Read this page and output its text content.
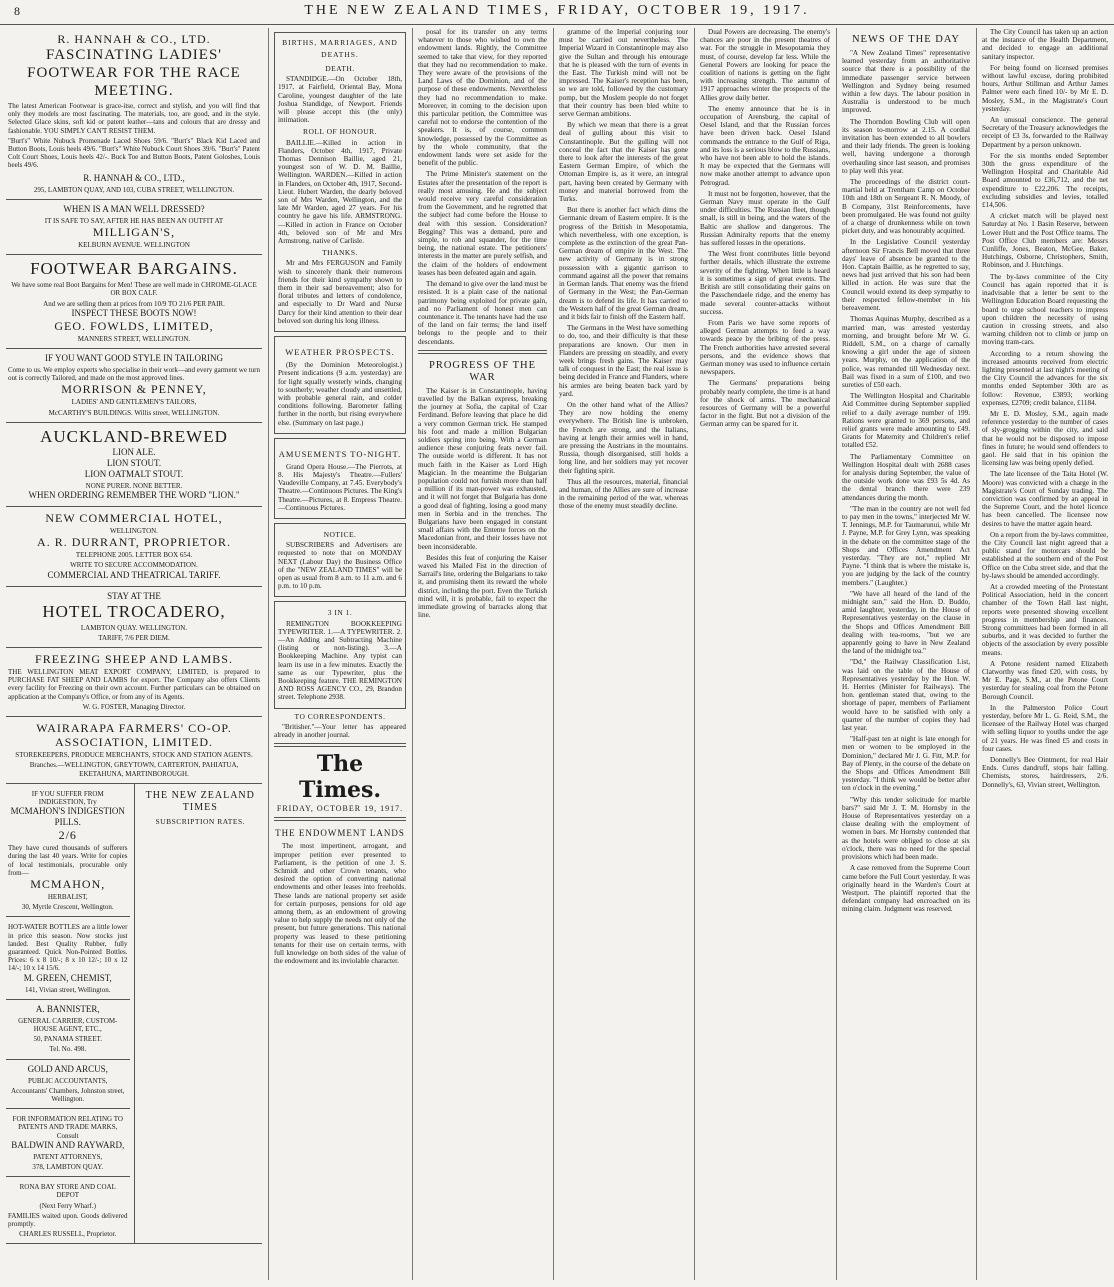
8	THE NEW ZEALAND TIMES, FRIDAY, OCTOBER 19, 1917.
R. HANNAH & CO., LTD.
FASCINATING LADIES' FOOTWEAR FOR THE RACE MEETING.
The latest American Footwear is grace-itse, correct and stylish, and you will find that only they models are most fascinating. The materials, too, are good, and in the style. Selected Glace skins, soft kid or patent leather—tans and colours that are dressy and fashionable. YOU SIMPLY CAN'T RESIST THEM.
"Burt's" White Nubuck Promenade Laced Shoes 59/6. "Burt's" Black Kid Laced and Button Boots, Louis heels 49/6. "Burt's" White Nubuck Court Shoes 39/6. "Burt's" Patent Colt Court Shoes, Louis heels 42/-. Buck Toe and Button Boots, Patent Goloshes, Louis heels 49/6.
R. HANNAH & CO., LTD.,
295, LAMBTON QUAY, AND 103, CUBA STREET, WELLINGTON.
WHEN IS A MAN WELL DRESSED?
IT IS SAFE TO SAY, AFTER HE HAS BEEN AN OUTFIT AT
MILLIGAN'S,
KELBURN AVENUE. WELLINGTON
FOOTWEAR BARGAINS.
We have some real Boot Bargains for Men! These are well made in CHROME-GLACE OR BOX CALF.
And we are selling them at prices from 10/9 TO 21/6 PER PAIR.
INSPECT THESE BOOTS NOW!
GEO. FOWLDS, LIMITED,
MANNERS STREET, WELLINGTON.
IF YOU WANT GOOD STYLE IN TAILORING
Come to us. We employ experts who specialise in their work—and every garment we turn out is correctly Tailored, and made on the most approved lines.
MORRISON & PENNEY,
LADIES' AND GENTLEMEN'S TAILORS,
McCARTHY'S BUILDINGS. Willis street, WELLINGTON.
AUCKLAND-BREWED
LION ALE.
LION STOUT.
LION OATMALT STOUT.
NONE PURER. NONE BETTER.
WHEN ORDERING REMEMBER THE WORD "LION."
NEW COMMERCIAL HOTEL,
WELLINGTON.
A. R. DURRANT, PROPRIETOR.
TELEPHONE 2005. LETTER BOX 654.
WRITE TO SECURE ACCOMMODATION.
COMMERCIAL AND THEATRICAL TARIFF.
STAY AT THE
HOTEL TROCADERO,
LAMBTON QUAY. WELLINGTON.
TARIFF, 7/6 PER DIEM.
FREEZING SHEEP AND LAMBS.
THE WELLINGTON MEAT EXPORT COMPANY, LIMITED, is prepared to PURCHASE FAT SHEEP AND LAMBS for export. The Company also offers Clients every facility for Freezing on their own account. Further particulars can be obtained on application at the Company's Office, or from any of its Agents.
W. G. FOSTER, Managing Director.
WAIRARAPA FARMERS' CO-OP. ASSOCIATION, LIMITED.
STOREKEEPERS, PRODUCE MERCHANTS, STOCK AND STATION AGENTS.
Branches.—WELLINGTON, GREYTOWN, CARTERTON, PAHIATUA, EKETAHUNA, MARTINBOROUGH.
IF YOU SUFFER FROM INDIGESTION, Try
MCMAHON'S INDIGESTION PILLS.
2/6
They have cured thousands of sufferers during the last 40 years. Write for copies of local testimonials, procurable only from—
MCMAHON,
HERBALIST,
30, Myrtle Crescent, Wellington.
HOT-WATER BOTTLES are a little lower in price this season. Now stocks just landed. Best Quality Rubber, fully guaranteed. Quick Non-Pointed Bottles. Prices: 6 x 8 10/-; 8 x 10 12/-; 10 x 12 14/-; 10 x 14 15/6.
M. GREEN, CHEMIST,
141, Vivian street, Wellington.
A. BANNISTER,
GENERAL CARRIER, CUSTOM-HOUSE AGENT, ETC.,
50, PANAMA STREET.
Tel. No. 498.
GOLD AND ARCUS,
PUBLIC ACCOUNTANTS,
Accountants' Chambers, Johnston street, Wellington.
FOR INFORMATION RELATING TO PATENTS AND TRADE MARKS, Consult
BALDWIN AND RAYWARD,
PATENT ATTORNEYS,
378, LAMBTON QUAY.
RONA BAY STORE AND COAL DEPOT
(Next Ferry Wharf.)
FAMILIES waited upon. Goods delivered promptly.
CHARLES RUSSELL, Proprietor.
THE NEW ZEALAND TIMES
SUBSCRIPTION RATES.
BIRTHS, MARRIAGES, AND DEATHS.
DEATH.

STANDIDGE.—On October 18th, 1917, at Fairfield, Oriental Bay, Mona Caroline, youngest daughter of the late Joshua Standidge, of Newport. Friends will please accept this (the only) intimation.

ROLL OF HONOUR.

BAILLIE.—Killed in action in Flanders, October 4th, 1917, Private Thomas Dennison Baillie, aged 21, youngest son of W. D. M. Baillie, Wellington. WARDEN.—Killed in action in Flanders, on October 4th, 1917, Second-Lieut. Hubert Warden, the dearly beloved son of Mrs Warden, Wellington, and the late Mr Warden, aged 27 years. For his country he gave his life. ARMSTRONG.—Killed in action in France on October 4th, beloved son of Mr and Mrs Armstrong, native of Carlisle.

THANKS.

Mr and Mrs FERGUSON and Family wish to sincerely thank their numerous friends for their kind sympathy shown to them in their sad bereavement; also for floral tributes and letters of condolence, and especially to Dr Ward and Nurse Darcy for their kind attention to their dear beloved son during his long illness.

WEATHER PROSPECTS.

(By the Dominion Meteorologist.) Present indications (9 a.m. yesterday) are for light squally westerly winds, changing to southerly; weather cloudy and unsettled, with probable general rain, and colder conditions following. Barometer falling further in the north, but rising everywhere else. (Summary on last page.)

AMUSEMENTS TO-NIGHT.

Grand Opera House.—The Pierrots, at 8. His Majesty's Theatre.—Fullers' Vaudeville Company, at 7.45. Everybody's Theatre.—Continuous Pictures. The King's Theatre.—Pictures, at 8. Empress Theatre.—Continuous Pictures.

NOTICE.

SUBSCRIBERS and Advertisers are requested to note that on MONDAY NEXT (Labour Day) the Business Office of the "NEW ZEALAND TIMES" will be open as usual from 8 a.m. to 11 a.m. and 6 p.m. to 10 p.m.

3 IN 1.

REMINGTON BOOKKEEPING TYPEWRITER. 1.—A TYPEWRITER. 2.—An Adding and Subtracting Machine (listing or non-listing). 3.—A Bookkeeping Machine. Any typist can learn its use in a few minutes. Exactly the same as our Typewriter, plus the Bookkeeping feature. THE REMINGTON AND ROSS AGENCY CO., 29, Brandon street. Telephone 2938.

TO CORRESPONDENTS.

"Britisher."—Your letter has appeared already in another journal.

The Times.
FRIDAY, OCTOBER 19, 1917.
THE ENDOWMENT LANDS

The most impertinent, arrogant, and improper petition ever presented to Parliament, is the petition of one J. S. Schmidt and other Crown tenants, who desired the option of converting national endowments and other leases into freeholds. These lands are national property set aside for certain purposes, pensions for old age among them, as an endowment of growing value to help supply the needs not only of the present, but future generations. This national property was leased to these petitioning tenants for their use on certain terms, with full knowledge on both sides of the value of the endowment and its inviolable character.

posal for its transfer on any terms whatever to those who wished to own the endowment lands. Rightly, the Committee seemed to take that view, for they reported that they had no recommendation to make. They were aware of the provisions of the Land Laws of the Dominion, and of the purpose of these endowments. Nevertheless they had no recommendation to make. Moreover, in coming to the decision upon this particular petition, the Committee was careful not to endorse the contention of the speakers. It is, of course, common knowledge, possessed by the Committee as by the whole community, that the endowment lands were set aside for the benefit of the public.

The Prime Minister's statement on the Estates after the presentation of the report is really most amusing. He and the subject would receive very careful consideration from the Government, and he regretted that the subject had come before the House to deal with this session. Consideration? Begging? This was a demand, pure and simple, to rob and squander, for the time being, the national estate. The petitioners' interests in the matter are purely selfish, and the claim of the holders of endowment leases has been defeated again and again.

The demand to give over the land must be resisted. It is a plain case of the national patrimony being exploited for private gain, and no Parliament of honest men can countenance it. The tenants have had the use of the land on fair terms; the land itself belongs to the people and to their descendants.

PROGRESS OF THE WAR

The Kaiser is in Constantinople, having travelled by the Balkan express, breaking the journey at Sofia, the capital of Czar Ferdinand. Before leaving that place he did a very common German trick. He stamped his foot and made a million Bulgarian soldiers spring into being. With a German audience these conjuring feats never fail. The outside world is different. It has not much faith in the Kaiser as Lord High Magician. In the meantime the Bulgarian population could not furnish more than half a million if its man-power was exhausted, and it will not forget that Bulgaria has done a good deal of fighting, losing a good many men in Serbia and in the trenches. The Bulgarians have been engaged in constant small affairs with the Entente forces on the Macedonian front, and their losses have not been inconsiderable.

Besides this feat of conjuring the Kaiser waved his Mailed Fist in the direction of Sarrail's line, ordering the Bulgarians to take it, and promising them its reward the whole district, including the port. Even the Turkish mind will, it is probable, fail to expect the immediate growing of barracks along that line.

gramme of the Imperial conjuring tour must be carried out nevertheless. The Imperial Wizard in Constantinople may also give the Sultan and through his entourage that he is pleased with the turn of events in the East. The Turkish mind will not be impressed. The Kaiser's reception has been, so we are told, followed by the customary pomp, but the Moslem people do not forget that their country has been bled white to serve German ambitions.

By which we mean that there is a great deal of gulling about this visit to Constantinople. But the gulling will not conceal the fact that the Kaiser has gone there to look after the interests of the great Eastern German Empire, of which the Ottoman Empire is, as it were, an integral part, having been created by Germany with money and material borrowed from the Turks.

But there is another fact which dims the Germanic dream of Eastern empire. It is the progress of the British in Mesopotamia, which nevertheless, with one exception, is complete as the extinction of the great Pan-German dream of empire in the West. The new activity of Germany is in strong possession with a gigantic garrison to command against all the power that remains in German lands. That enemy was the friend of Germany in the West; the Pan-German dream is to defend its life. It has carried to the Western half of the great German dream, and it bids fair to finish off the Eastern half.

The Germans in the West have something to do, too, and their difficulty is that these preparations are known. Our men in Flanders are pressing on steadily, and every week brings fresh gains. The Kaiser may talk of conquest in the East; the real issue is being decided in France and Flanders, where his armies are being beaten back yard by yard.

On the other hand what of the Allies? They are now holding the enemy everywhere. The British line is unbroken, the French are strong, and the Italians, having at length their armies well in hand, are pressing the Austrians in the mountains. Russia, though disorganised, still holds a long line, and her soldiers may yet recover their fighting spirit.

Thus all the resources, material, financial and human, of the Allies are sure of increase in the remaining period of the war, whereas those of the enemy must steadily decline.

Dual Powers are decreasing. The enemy's chances are poor in the present theatres of war. For the struggle in Mesopotamia they must, of course, develop far less. While the General Powers are looking for peace the coalition of nations is getting on the fight with increasing strength. The autumn of 1917 approaches winter the prospects of the Allies grow daily better.

The enemy announce that he is in occupation of Arensburg, the capital of Oesel Island, and that the Russian forces have been driven back. Oesel Island commands the entrance to the Gulf of Riga, and its loss is a serious blow to the Russians, who have not been able to hold the islands. It may be expected that the Germans will now make another attempt to advance upon Petrograd.

It must not be forgotten, however, that the German Navy must operate in the Gulf under difficulties. The Russian fleet, though small, is still in being, and the waters of the Baltic are shallow and dangerous. The Russian Admiralty reports that the enemy has suffered losses in the operations.

The West front contributes little beyond further details, which illustrate the extreme severity of the fighting. When little is heard it is sometimes a sign of great events. The British are still consolidating their gains on the Passchendaele ridge, and the enemy has made several counter-attacks without success.

From Paris we have some reports of alleged German attempts to feed a way towards peace by the bribing of the press. The French authorities have arrested several persons, and the evidence shows that German money was used to influence certain newspapers.

The Germans' preparations being probably nearly complete, the time is at hand for the shock of arms. The mechanical resources of Germany will be a powerful factor in the fight. But not a division of the German army can be spared for it.

NEWS OF THE DAY

"A New Zealand Times" representative learned yesterday from an authoritative source that there is a possibility of the immediate passenger service between Wellington and Sydney being resumed within a few days. The labour position in Australia is understood to be much improved.

The Thorndon Bowling Club will open its season to-morrow at 2.15. A cordial invitation has been extended to all bowlers and their lady friends. The green is looking well, having undergone a thorough overhauling since last season, and promises to play well this year.

The proceedings of the district court-martial held at Trentham Camp on October 10th and 18th on Sergeant R. N. Moody, of B Company, 31st Reinforcements, have been promulgated. He was found not guilty of a charge of drunkenness while on town picket duty, and was honourably acquitted.

In the Legislative Council yesterday afternoon Sir Francis Bell moved that three days' leave of absence be granted to the Hon. Captain Baillie, as he regretted to say, news had just arrived that his son had been killed in action. He was sure that the Council would extend its deep sympathy to their respected fellow-member in his bereavement.

Thomas Aquinas Murphy, described as a married man, was arrested yesterday morning, and brought before Mr W. G. Riddell, S.M., on a charge of carnally knowing a girl under the age of sixteen years. Murphy, on the application of the police, was remanded till Wednesday next. Bail was fixed in a sum of £100, and two sureties of £50 each.

The Wellington Hospital and Charitable Aid Committee during September supplied relief to a daily average number of 199. Rations were granted to 369 persons, and relief grants were made amounting to £49. Grants for Maternity and Children's relief totalled £52.

The Parliamentary Committee on Wellington Hospital dealt with 2688 cases for analysis during September, the value of the outside work done was £93 5s 4d. As the dental branch there were 239 attendances during the month.

"The man in the country are not well fed to pay men in the towns," interjected Mr W. T. Jennings, M.P. for Taumarunui, while Mr J. Payne, M.P. for Grey Lynn, was speaking in the debate on the committee stage of the Shops and Offices Amendment Act yesterday. "They are not," replied Mr Payne. "I think that is where the mistake is, you are judging by the lack of the country members." (Laughter.)

"We have all heard of the land of the midnight sun," said the Hon. D. Buddo, amid laughter, yesterday, in the House of Representatives yesterday on the clause in the Shops and Offices Amendment Bill dealing with tea-rooms, "but we are apparently going to have in New Zealand the land of the midnight tea."

"Dd," the Railway Classification List, was laid on the table of the House of Representatives yesterday by the Hon. W. H. Herries (Minister for Railways). The hon. gentleman stated that, owing to the shortage of paper, members of Parliament would have to be satisfied with only a quarter of the number of copies they had last year.

"Half-past ten at night is late enough for men or women to be employed in the Dominion," declared Mr J. G. Fitt, M.P. for Bay of Plenty, in the course of the debate on the Shops and Offices Amendment Bill yesterday. "I think we would be better after ten o'clock in the evening."

"Why this tender solicitude for marble bars?" said Mr J. T. M. Hornsby in the House of Representatives yesterday on a clause dealing with the employment of women in bars. Mr Hornsby contended that as the hotels were obliged to close at six o'clock, there was no need for the special provisions which had been made.

A case removed from the Supreme Court came before the Full Court yesterday. It was originally heard in the Warden's Court at Westport. The plaintiff reported that the defendant company had encroached on its mining claim. Judgment was reserved.

The City Council has taken up an action at the instance of the Health Department, and decided to engage an additional sanitary inspector.

For being found on licensed premises without lawful excuse, during prohibited hours, Arthur Stillman and Arthur James Palmer were each fined 10/- by Mr E. D. Mosley, S.M., in the Magistrate's Court yesterday.

An unusual conscience. The general Secretary of the Treasury acknowledges the receipt of £3 3s, forwarded to the Railway Department by a person unknown.

For the six months ended September 30th the gross expenditure of the Wellington Hospital and Charitable Aid Board amounted to £36,712, and the net expenditure to £22,206. The receipts, excluding subsidies and levies, totalled £14,506.

A cricket match will be played next Saturday at No. 1 Basin Reserve, between Lower Hutt and the Post Office teams. The Post Office Club members are: Messrs Cunliffe, Jones, Beaton, McGee, Baker, Hutchings, Osborne, Christophers, Smith, Robinson, and J. Hutchings.

The by-laws committee of the City Council has again reported that it is inadvisable that a letter be sent to the Wellington Education Board requesting the board to urge school teachers to impress upon children the necessity of using caution in crossing streets, and also warning children not to climb or jump on moving tram-cars.

According to a return showing the increased amounts received from electric lighting presented at last night's meeting of the City Council the advances for the six months ended September 30th are as follow: Revenue, £3893; working expenses, £2709; credit balance, £1184.

Mr E. D. Mosley, S.M., again made reference yesterday to the number of cases of sly-grogging within the city, and said that he would not be disposed to impose fines in future; he would send offenders to gaol. He said that in his opinion the licensing law was being openly defied.

The late licensee of the Taita Hotel (W. Moore) was convicted with a charge in the Magistrate's Court of Sunday trading. The conviction was confirmed by an appeal in the Supreme Court, and the hotel licence has been cancelled. The licensee now desires to have the matter again heard.

On a report from the by-laws committee, the City Council last night agreed that a public stand for motorcars should be established at the southern end of the Post Office on the Cuba street side, and that the by-laws should be amended accordingly.

At a crowded meeting of the Protestant Political Association, held in the concert chamber of the Town Hall last night, reports were presented showing excellent progress in membership and finances. Strong committees had been formed in all suburbs, and it was decided to further the objects of the association by every possible means.

A Petone resident named Elizabeth Clatworthy was fined £20, with costs, by Mr E. Page, S.M., at the Petone Court yesterday for stealing coal from the Petone Borough Council.

In the Palmerston Police Court yesterday, before Mr L. G. Reid, S.M., the licensee of the Railway Hotel was charged with selling liquor to youths under the age of 21 years. He was fined £5 and costs in four cases.

Donnelly's Bee Ointment, for real Hair Ends. Cures dandruff, stops hair falling. Chemists, stores, hairdressers, 2/6. Donnelly's, 63, Vivian street, Wellington.
